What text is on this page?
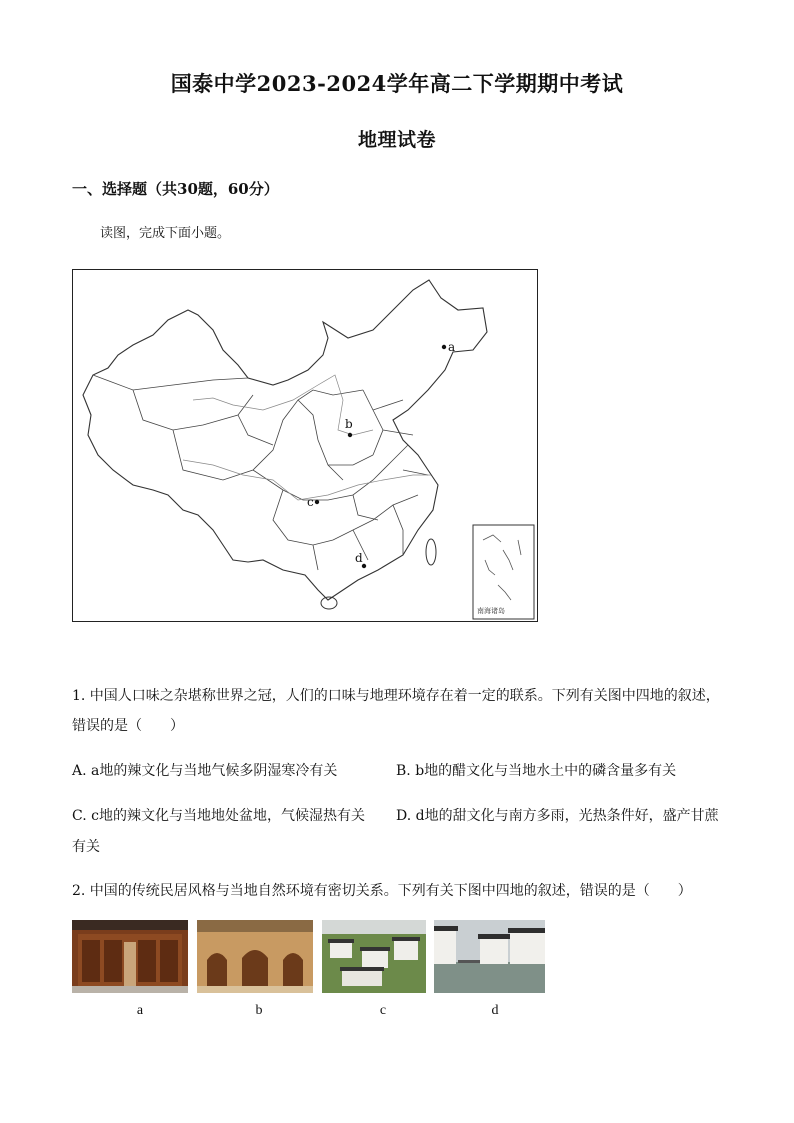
国泰中学2023-2024学年高二下学期期中考试
地理试卷
一、选择题（共30题，60分）
读图，完成下面小题。
a
b
c
d
南海诸岛
1. 中国人口味之杂堪称世界之冠，人们的口味与地理环境存在着一定的联系。下列有关图中四地的叙述，
错误的是（　　）
A. a地的辣文化与当地气候多阴湿寒冷有关	B. b地的醋文化与当地水土中的磷含量多有关
C. c地的辣文化与当地地处盆地，气候湿热有关 D. d地的甜文化与南方多雨，光热条件好，盛产甘蔗
有关
2. 中国的传统民居风格与当地自然环境有密切关系。下列有关下图中四地的叙述，错误的是（　　）
a	b	c	d
